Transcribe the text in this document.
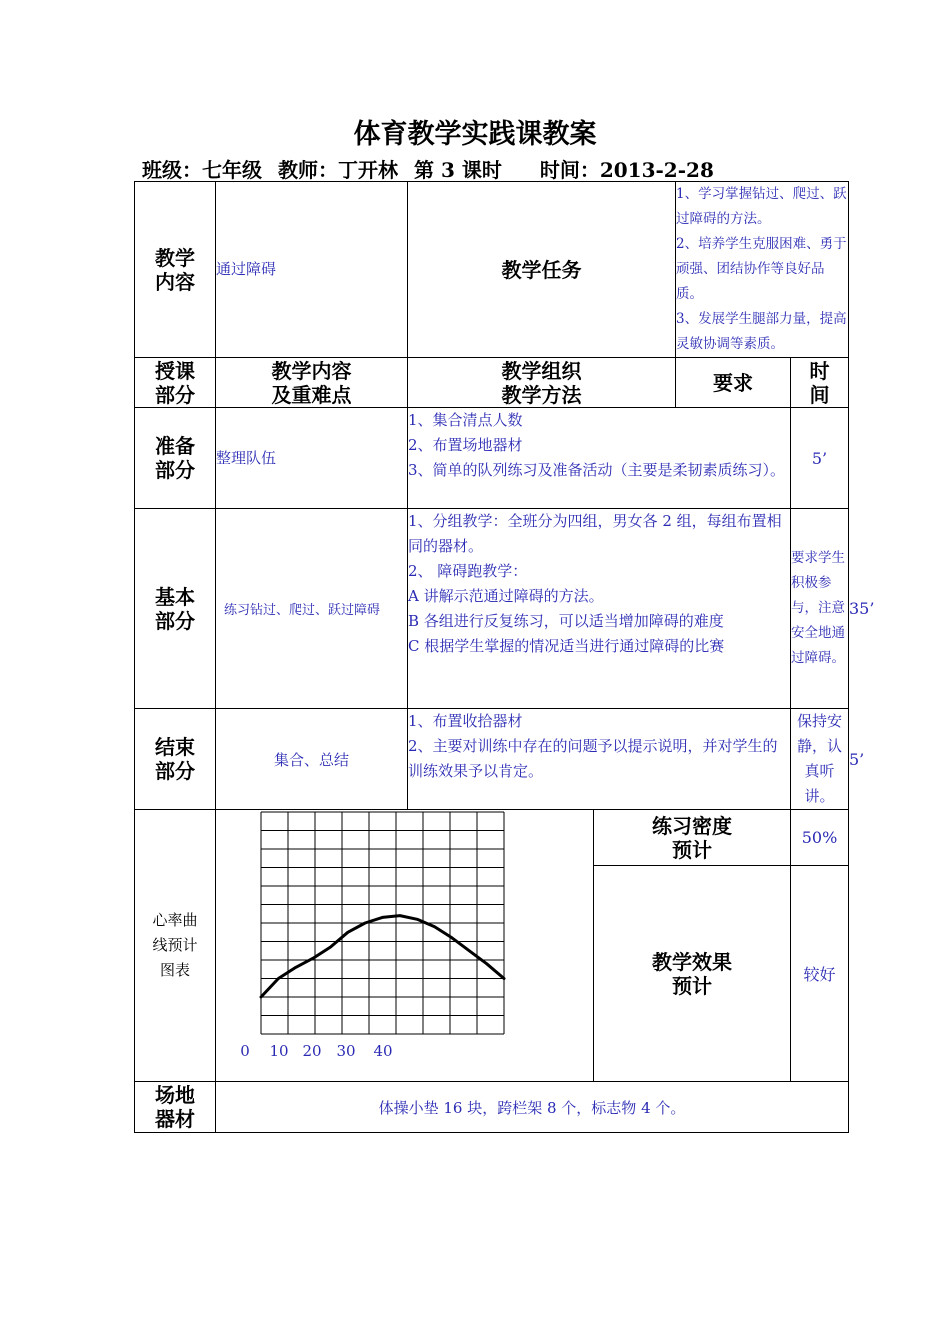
体育教学实践课教案
班级：七年级 教师：丁开林 第 3 课时 时间：2013-2-28
教学内容	通过障碍	教学任务		1、学习掌握钻过、爬过、跃过障碍的方法。
2、培养学生克服困难、勇于顽强、团结协作等良好品质。
3、发展学生腿部力量，提高灵敏协调等素质。		

授课部分	教学内容及重难点	教学组织教学方法		要求	时间	

准备部分	整理队伍	1、集合清点人数
2、布置场地器材
3、简单的队列练习及准备活动（主要是柔韧素质练习）。			5’	

基本部分	练习钻过、爬过、跃过障碍	1、分组教学：全班分为四组，男女各 2 组，每组布置相同的器材。
2、 障碍跑教学：
A 讲解示范通过障碍的方法。
B 各组进行反复练习，可以适当增加障碍的难度
C 根据学生掌握的情况适当进行通过障碍的比赛			要求学生积极参与，注意安全地通过障碍。	35’

结束部分	集合、总结	1、布置收拾器材
2、主要对训练中存在的问题予以提示说明，并对学生的训练效果予以肯定。			保持安静，认真听讲。	5’

心率曲线预计图表	0 10 20 30 40		练习密度预计		50%	

			教学效果预计		较好	

场地器材	体操小垫 16 块，跨栏架 8 个，标志物 4 个。					
